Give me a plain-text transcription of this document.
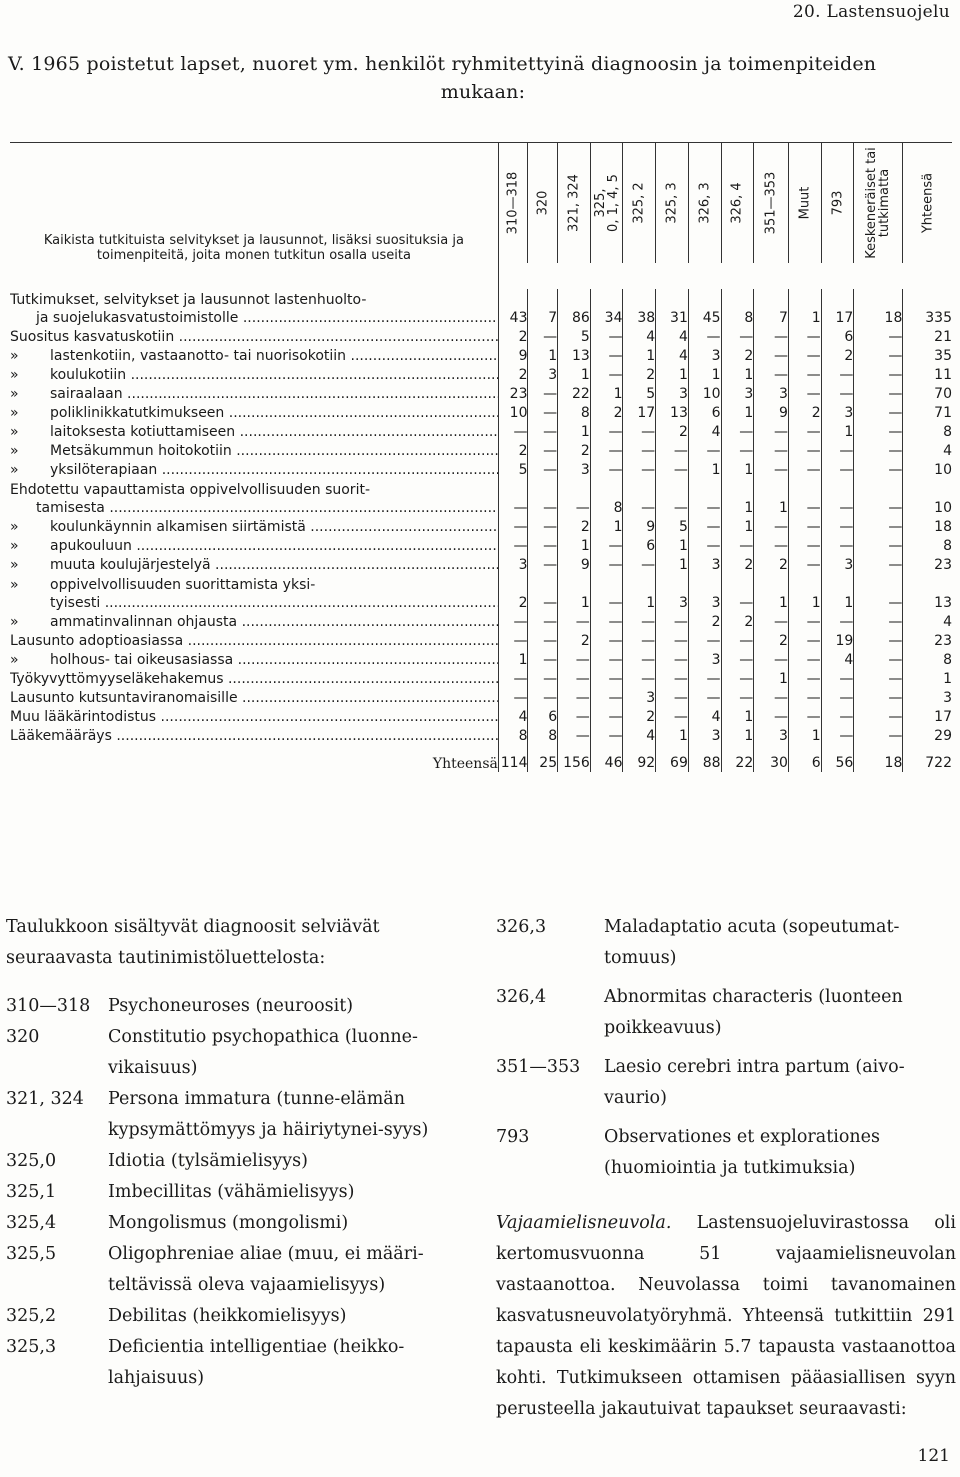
20. Lastensuojelu
V. 1965 poistetut lapset, nuoret ym. henkilöt ryhmitettyinä diagnoosin ja toimenpiteiden
mukaan:
Kaikista tutkituista selvitykset ja lausunnot, lisäksi suosituksia ja toimenpiteitä, joita monen tutkitun osalla useita	310—318	320	321, 324	325,
0, 1, 4, 5	325, 2	325, 3	326, 3	326, 4	351—353	Muut	793	Keskeneräiset tai
tutkimatta	Yhteensä

Tutkimukset, selvitykset ja lausunnot lastenhuolto-
ja suojelukasvatustoimistolle .....	43	7	86	34	38	31	45	8	7	1	17	18	335

Suositus kasvatuskotiin .....	2	—	5	—	4	4	—	—	—	—	6	—	21

» lastenkotiin, vastaanotto- tai nuorisokotiin .....	9	1	13	—	1	4	3	2	—	—	2	—	35

» koulukotiin .....	2	3	1	—	2	1	1	1	—	—	—	—	11

» sairaalaan .....	23	—	22	1	5	3	10	3	3	—	—	—	70

» poliklinikkatutkimukseen .....	10	—	8	2	17	13	6	1	9	2	3	—	71

» laitoksesta kotiuttamiseen .....	—	—	1	—	—	2	4	—	—	—	1	—	8

» Metsäkummun hoitokotiin .....	2	—	2	—	—	—	—	—	—	—	—	—	4

» yksilöterapiaan .....	5	—	3	—	—	—	1	1	—	—	—	—	10

Ehdotettu vapauttamista oppivelvollisuuden suorit-
tamisesta .....	—	—	—	8	—	—	—	1	1	—	—	—	10

» koulunkäynnin alkamisen siirtämistä .....	—	—	2	1	9	5	—	1	—	—	—	—	18

» apukouluun .....	—	—	1	—	6	1	—	—	—	—	—	—	8

» muuta koulujärjestelyä .....	3	—	9	—	—	1	3	2	2	—	3	—	23

» oppivelvollisuuden suorittamista yksi-
tyisesti .....	2	—	1	—	1	3	3	—	1	1	1	—	13

» ammatinvalinnan ohjausta .....	—	—	—	—	—	—	2	2	—	—	—	—	4

Lausunto adoptioasiassa .....	—	—	2	—	—	—	—	—	2	—	19	—	23

» holhous- tai oikeusasiassa .....	1	—	—	—	—	—	3	—	—	—	4	—	8

Työkyvyttömyyseläkehakemus .....	—	—	—	—	—	—	—	—	1	—	—	—	1

Lausunto kutsuntaviranomaisille .....	—	—	—	—	3	—	—	—	—	—	—	—	3

Muu lääkärintodistus .....	4	6	—	—	2	—	4	1	—	—	—	—	17

Lääkemääräys .....	8	8	—	—	4	1	3	1	3	1	—	—	29
Yhteensä	114	25	156	46	92	69	88	22	30	6	56	18	722

Taulukkoon sisältyvät diagnoosit selviävät seuraavasta tautinimistöluettelosta:

310—318	Psychoneuroses (neuroosit)
320	Constitutio psychopathica (luonne-vikaisuus)
321, 324	Persona immatura (tunne-elämän kypsymättömyys ja häiriytynei-syys)
325,0	Idiotia (tylsämielisyys)
325,1	Imbecillitas (vähämielisyys)
325,4	Mongolismus (mongolismi)
325,5	Oligophreniae aliae (muu, ei määri-teltävissä oleva vajaamielisyys)
325,2	Debilitas (heikkomielisyys)
325,3	Deficientia intelligentiae (heikko-lahjaisuus)
326,3	Maladaptatio acuta (sopeutumat-tomuus)
326,4	Abnormitas characteris (luonteen poikkeavuus)
351—353	Laesio cerebri intra partum (aivo-vaurio)
793	Observationes et explorationes (huomiointia ja tutkimuksia)

Vajaamielisneuvola. Lastensuojeluvirastossa oli kertomusvuonna 51 vajaamielisneuvolan vastaanottoa. Neuvolassa toimi tavanomainen kasvatusneuvolatyöryhmä. Yhteensä tutkittiin 291 tapausta eli keskimäärin 5.7 tapausta vastaanottoa kohti. Tutkimukseen ottamisen pääasiallisen syyn perusteella jakautuivat tapaukset seuraavasti:

121
